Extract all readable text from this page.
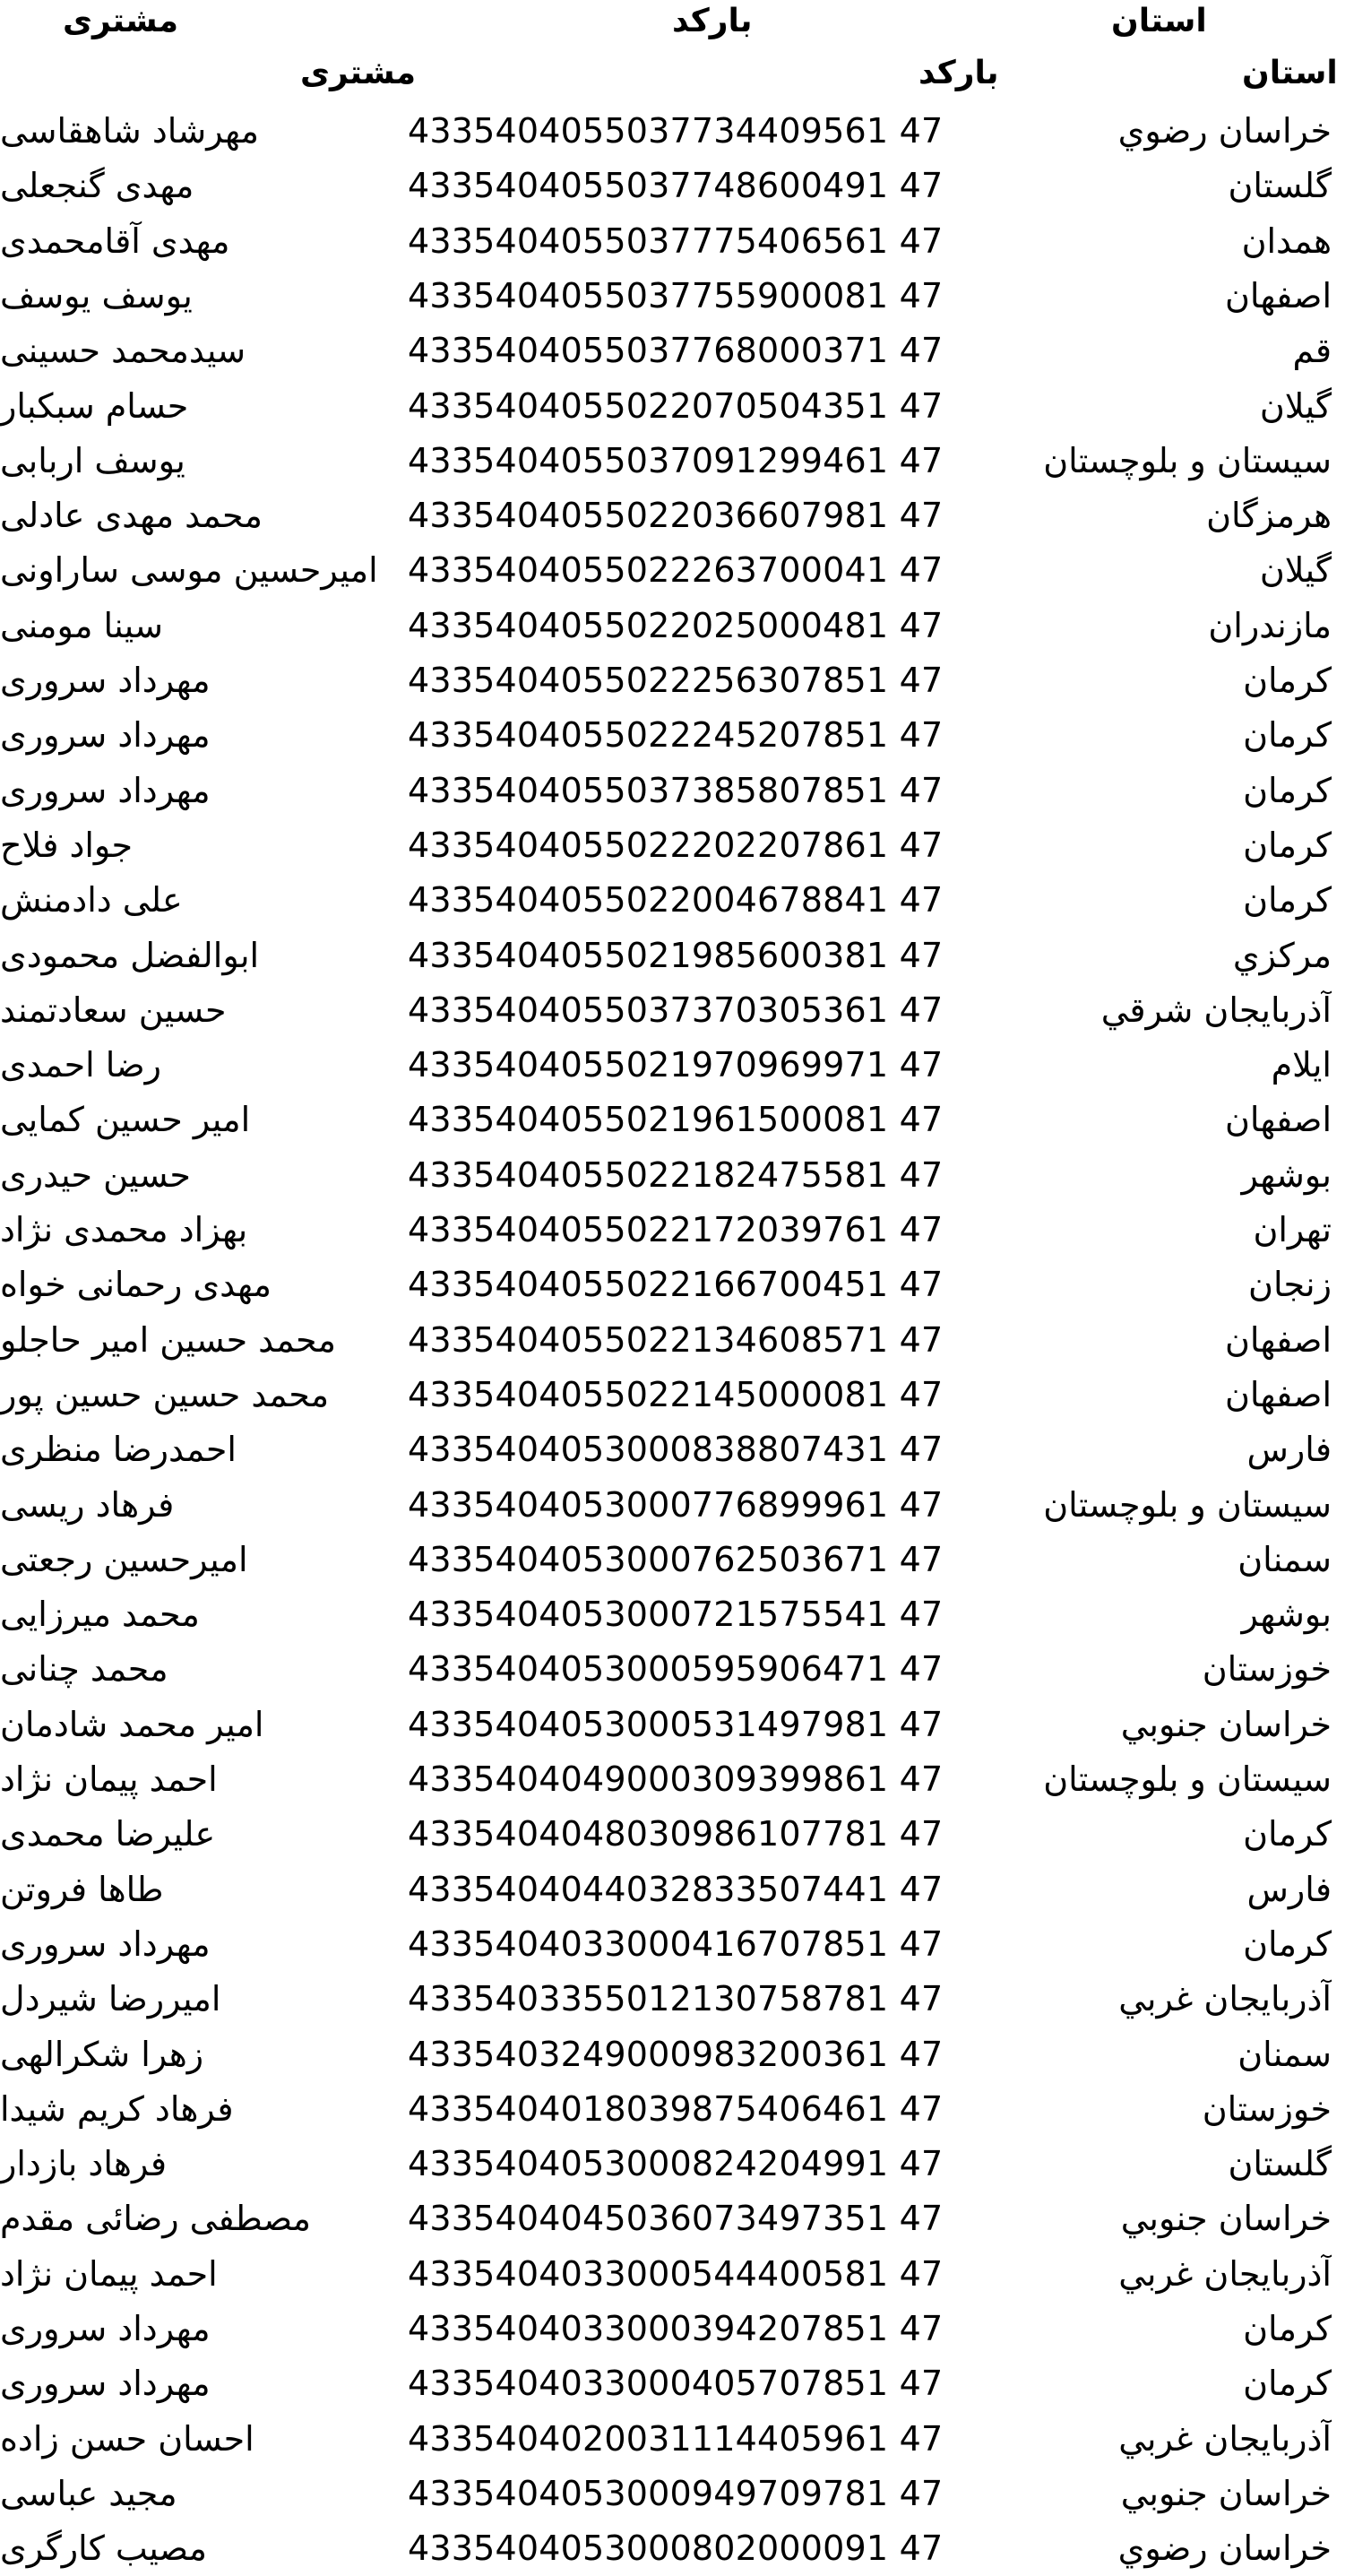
استان
بارکد
مشتری
استان
بارکد
مشتری
خراسان رضوي
4335404055037734409561 47
مهرشاد شاهقاسی
گلستان
4335404055037748600491 47
مهدی گنجعلی
همدان
4335404055037775406561 47
مهدی آقامحمدی
اصفهان
4335404055037755900081 47
یوسف یوسف
قم
4335404055037768000371 47
سیدمحمد حسینی
گیلان
4335404055022070504351 47
حسام سبکبار
سیستان و بلوچستان
4335404055037091299461 47
یوسف اربابی
هرمزگان
4335404055022036607981 47
محمد مهدی عادلی
گیلان
4335404055022263700041 47
امیرحسین موسی ساراونی
مازندران
4335404055022025000481 47
سینا مومنی
کرمان
4335404055022256307851 47
مهرداد سروری
کرمان
4335404055022245207851 47
مهرداد سروری
کرمان
4335404055037385807851 47
مهرداد سروری
کرمان
4335404055022202207861 47
جواد فلاح
کرمان
4335404055022004678841 47
علی دادمنش
مرکزي
4335404055021985600381 47
ابوالفضل محمودی
آذربایجان شرقي
4335404055037370305361 47
حسین سعادتمند
ایلام
4335404055021970969971 47
رضا احمدی
اصفهان
4335404055021961500081 47
امیر حسین کمایی
بوشهر
4335404055022182475581 47
حسین حیدری
تهران
4335404055022172039761 47
بهزاد محمدی نژاد
زنجان
4335404055022166700451 47
مهدی رحمانی خواه
اصفهان
4335404055022134608571 47
محمد حسین امیر حاجلو
اصفهان
4335404055022145000081 47
محمد حسین حسین پور
فارس
4335404053000838807431 47
احمدرضا منظری
سیستان و بلوچستان
4335404053000776899961 47
فرهاد ریسی
سمنان
4335404053000762503671 47
امیرحسین رجعتی
بوشهر
4335404053000721575541 47
محمد میرزایی
خوزستان
4335404053000595906471 47
محمد چنانی
خراسان جنوبي
4335404053000531497981 47
امیر محمد شادمان
سیستان و بلوچستان
4335404049000309399861 47
احمد پیمان نژاد
کرمان
4335404048030986107781 47
علیرضا محمدی
فارس
4335404044032833507441 47
طاها فروتن
کرمان
4335404033000416707851 47
مهرداد سروری
آذربایجان غربي
4335403355012130758781 47
امیررضا شیردل
سمنان
4335403249000983200361 47
زهرا شکرالهی
خوزستان
4335404018039875406461 47
فرهاد کریم شیدا
گلستان
4335404053000824204991 47
فرهاد بازدار
خراسان جنوبي
4335404045036073497351 47
مصطفی رضائی مقدم
آذربایجان غربي
4335404033000544400581 47
احمد پیمان نژاد
کرمان
4335404033000394207851 47
مهرداد سروری
کرمان
4335404033000405707851 47
مهرداد سروری
آذربایجان غربي
4335404020031114405961 47
احسان حسن زاده
خراسان جنوبي
4335404053000949709781 47
مجید عباسی
خراسان رضوي
4335404053000802000091 47
مصیب کارگری
